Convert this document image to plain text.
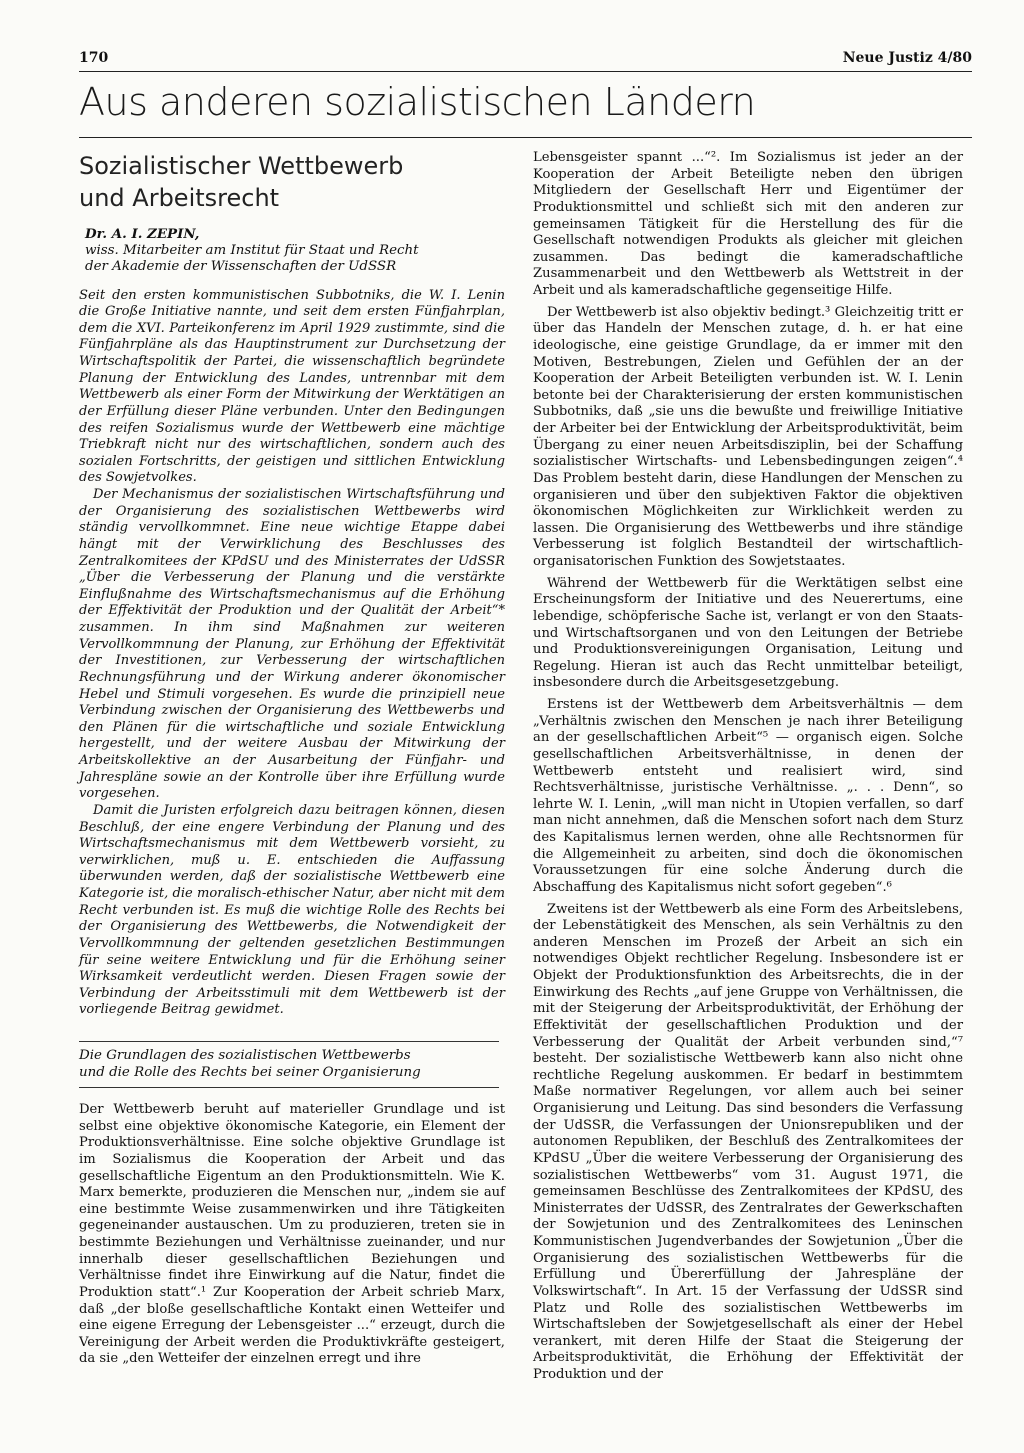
170	Neue Justiz 4/80
Aus anderen sozialistischen Ländern
Sozialistischer Wettbewerb
und Arbeitsrecht
Dr. A. I. ZEPIN,
wiss. Mitarbeiter am Institut für Staat und Recht
der Akademie der Wissenschaften der UdSSR

Seit den ersten kommunistischen Subbotniks, die W. I. Lenin die Große Initiative nannte, und seit dem ersten Fünfjahrplan, dem die XVI. Parteikonferenz im April 1929 zustimmte, sind die Fünfjahrpläne als das Hauptinstrument zur Durchsetzung der Wirtschaftspolitik der Partei, die wissenschaftlich begründete Planung der Entwicklung des Landes, untrennbar mit dem Wettbewerb als einer Form der Mitwirkung der Werktätigen an der Erfüllung dieser Pläne verbunden. Unter den Bedingungen des reifen Sozialismus wurde der Wettbewerb eine mächtige Triebkraft nicht nur des wirtschaftlichen, sondern auch des sozialen Fortschritts, der geistigen und sittlichen Entwicklung des Sowjetvolkes.

Der Mechanismus der sozialistischen Wirtschaftsführung und der Organisierung des sozialistischen Wettbewerbs wird ständig vervollkommnet. Eine neue wichtige Etappe dabei hängt mit der Verwirklichung des Beschlusses des Zentralkomitees der KPdSU und des Ministerrates der UdSSR „Über die Verbesserung der Planung und die verstärkte Einflußnahme des Wirtschaftsmechanismus auf die Erhöhung der Effektivität der Produktion und der Qualität der Arbeit“* zusammen. In ihm sind Maßnahmen zur weiteren Vervollkommnung der Planung, zur Erhöhung der Effektivität der Investitionen, zur Verbesserung der wirtschaftlichen Rechnungsführung und der Wirkung anderer ökonomischer Hebel und Stimuli vorgesehen. Es wurde die prinzipiell neue Verbindung zwischen der Organisierung des Wettbewerbs und den Plänen für die wirtschaftliche und soziale Entwicklung hergestellt, und der weitere Ausbau der Mitwirkung der Arbeitskollektive an der Ausarbeitung der Fünfjahr- und Jahrespläne sowie an der Kontrolle über ihre Erfüllung wurde vorgesehen.

Damit die Juristen erfolgreich dazu beitragen können, diesen Beschluß, der eine engere Verbindung der Planung und des Wirtschaftsmechanismus mit dem Wettbewerb vorsieht, zu verwirklichen, muß u. E. entschieden die Auffassung überwunden werden, daß der sozialistische Wettbewerb eine Kategorie ist, die moralisch-ethischer Natur, aber nicht mit dem Recht verbunden ist. Es muß die wichtige Rolle des Rechts bei der Organisierung des Wettbewerbs, die Notwendigkeit der Vervollkommnung der geltenden gesetzlichen Bestimmungen für seine weitere Entwicklung und für die Erhöhung seiner Wirksamkeit verdeutlicht werden. Diesen Fragen sowie der Verbindung der Arbeitsstimuli mit dem Wettbewerb ist der vorliegende Beitrag gewidmet.

Die Grundlagen des sozialistischen Wettbewerbs
und die Rolle des Rechts bei seiner Organisierung

Der Wettbewerb beruht auf materieller Grundlage und ist selbst eine objektive ökonomische Kategorie, ein Element der Produktionsverhältnisse. Eine solche objektive Grundlage ist im Sozialismus die Kooperation der Arbeit und das gesellschaftliche Eigentum an den Produktionsmitteln. Wie K. Marx bemerkte, produzieren die Menschen nur, „indem sie auf eine bestimmte Weise zusammenwirken und ihre Tätigkeiten gegeneinander austauschen. Um zu produzieren, treten sie in bestimmte Beziehungen und Verhältnisse zueinander, und nur innerhalb dieser gesellschaftlichen Beziehungen und Verhältnisse findet ihre Einwirkung auf die Natur, findet die Produktion statt“.¹ Zur Kooperation der Arbeit schrieb Marx, daß „der bloße gesellschaftliche Kontakt einen Wetteifer und eine eigene Erregung der Lebensgeister ...“ erzeugt, durch die Vereinigung der Arbeit werden die Produktivkräfte gesteigert, da sie „den Wetteifer der einzelnen erregt und ihre

Lebensgeister spannt ...“². Im Sozialismus ist jeder an der Kooperation der Arbeit Beteiligte neben den übrigen Mitgliedern der Gesellschaft Herr und Eigentümer der Produktionsmittel und schließt sich mit den anderen zur gemeinsamen Tätigkeit für die Herstellung des für die Gesellschaft notwendigen Produkts als gleicher mit gleichen zusammen. Das bedingt die kameradschaftliche Zusammenarbeit und den Wettbewerb als Wettstreit in der Arbeit und als kameradschaftliche gegenseitige Hilfe.

Der Wettbewerb ist also objektiv bedingt.³ Gleichzeitig tritt er über das Handeln der Menschen zutage, d. h. er hat eine ideologische, eine geistige Grundlage, da er immer mit den Motiven, Bestrebungen, Zielen und Gefühlen der an der Kooperation der Arbeit Beteiligten verbunden ist. W. I. Lenin betonte bei der Charakterisierung der ersten kommunistischen Subbotniks, daß „sie uns die bewußte und freiwillige Initiative der Arbeiter bei der Entwicklung der Arbeitsproduktivität, beim Übergang zu einer neuen Arbeitsdisziplin, bei der Schaffung sozialistischer Wirtschafts- und Lebensbedingungen zeigen“.⁴ Das Problem besteht darin, diese Handlungen der Menschen zu organisieren und über den subjektiven Faktor die objektiven ökonomischen Möglichkeiten zur Wirklichkeit werden zu lassen. Die Organisierung des Wettbewerbs und ihre ständige Verbesserung ist folglich Bestandteil der wirtschaftlich-organisatorischen Funktion des Sowjetstaates.

Während der Wettbewerb für die Werktätigen selbst eine Erscheinungsform der Initiative und des Neuerertums, eine lebendige, schöpferische Sache ist, verlangt er von den Staats- und Wirtschaftsorganen und von den Leitungen der Betriebe und Produktionsvereinigungen Organisation, Leitung und Regelung. Hieran ist auch das Recht unmittelbar beteiligt, insbesondere durch die Arbeitsgesetzgebung.

Erstens ist der Wettbewerb dem Arbeitsverhältnis — dem „Verhältnis zwischen den Menschen je nach ihrer Beteiligung an der gesellschaftlichen Arbeit“⁵ — organisch eigen. Solche gesellschaftlichen Arbeitsverhältnisse, in denen der Wettbewerb entsteht und realisiert wird, sind Rechtsverhältnisse, juristische Verhältnisse. „. . . Denn“, so lehrte W. I. Lenin, „will man nicht in Utopien verfallen, so darf man nicht annehmen, daß die Menschen sofort nach dem Sturz des Kapitalismus lernen werden, ohne alle Rechtsnormen für die Allgemeinheit zu arbeiten, sind doch die ökonomischen Voraussetzungen für eine solche Änderung durch die Abschaffung des Kapitalismus nicht sofort gegeben“.⁶

Zweitens ist der Wettbewerb als eine Form des Arbeitslebens, der Lebenstätigkeit des Menschen, als sein Verhältnis zu den anderen Menschen im Prozeß der Arbeit an sich ein notwendiges Objekt rechtlicher Regelung. Insbesondere ist er Objekt der Produktionsfunktion des Arbeitsrechts, die in der Einwirkung des Rechts „auf jene Gruppe von Verhältnissen, die mit der Steigerung der Arbeitsproduktivität, der Erhöhung der Effektivität der gesellschaftlichen Produktion und der Verbesserung der Qualität der Arbeit verbunden sind,“⁷ besteht. Der sozialistische Wettbewerb kann also nicht ohne rechtliche Regelung auskommen. Er bedarf in bestimmtem Maße normativer Regelungen, vor allem auch bei seiner Organisierung und Leitung. Das sind besonders die Verfassung der UdSSR, die Verfassungen der Unionsrepubliken und der autonomen Republiken, der Beschluß des Zentralkomitees der KPdSU „Über die weitere Verbesserung der Organisierung des sozialistischen Wettbewerbs“ vom 31. August 1971, die gemeinsamen Beschlüsse des Zentralkomitees der KPdSU, des Ministerrates der UdSSR, des Zentralrates der Gewerkschaften der Sowjetunion und des Zentralkomitees des Leninschen Kommunistischen Jugendverbandes der Sowjetunion „Über die Organisierung des sozialistischen Wettbewerbs für die Erfüllung und Übererfüllung der Jahrespläne der Volkswirtschaft“. In Art. 15 der Verfassung der UdSSR sind Platz und Rolle des sozialistischen Wettbewerbs im Wirtschaftsleben der Sowjetgesellschaft als einer der Hebel verankert, mit deren Hilfe der Staat die Steigerung der Arbeitsproduktivität, die Erhöhung der Effektivität der Produktion und der
